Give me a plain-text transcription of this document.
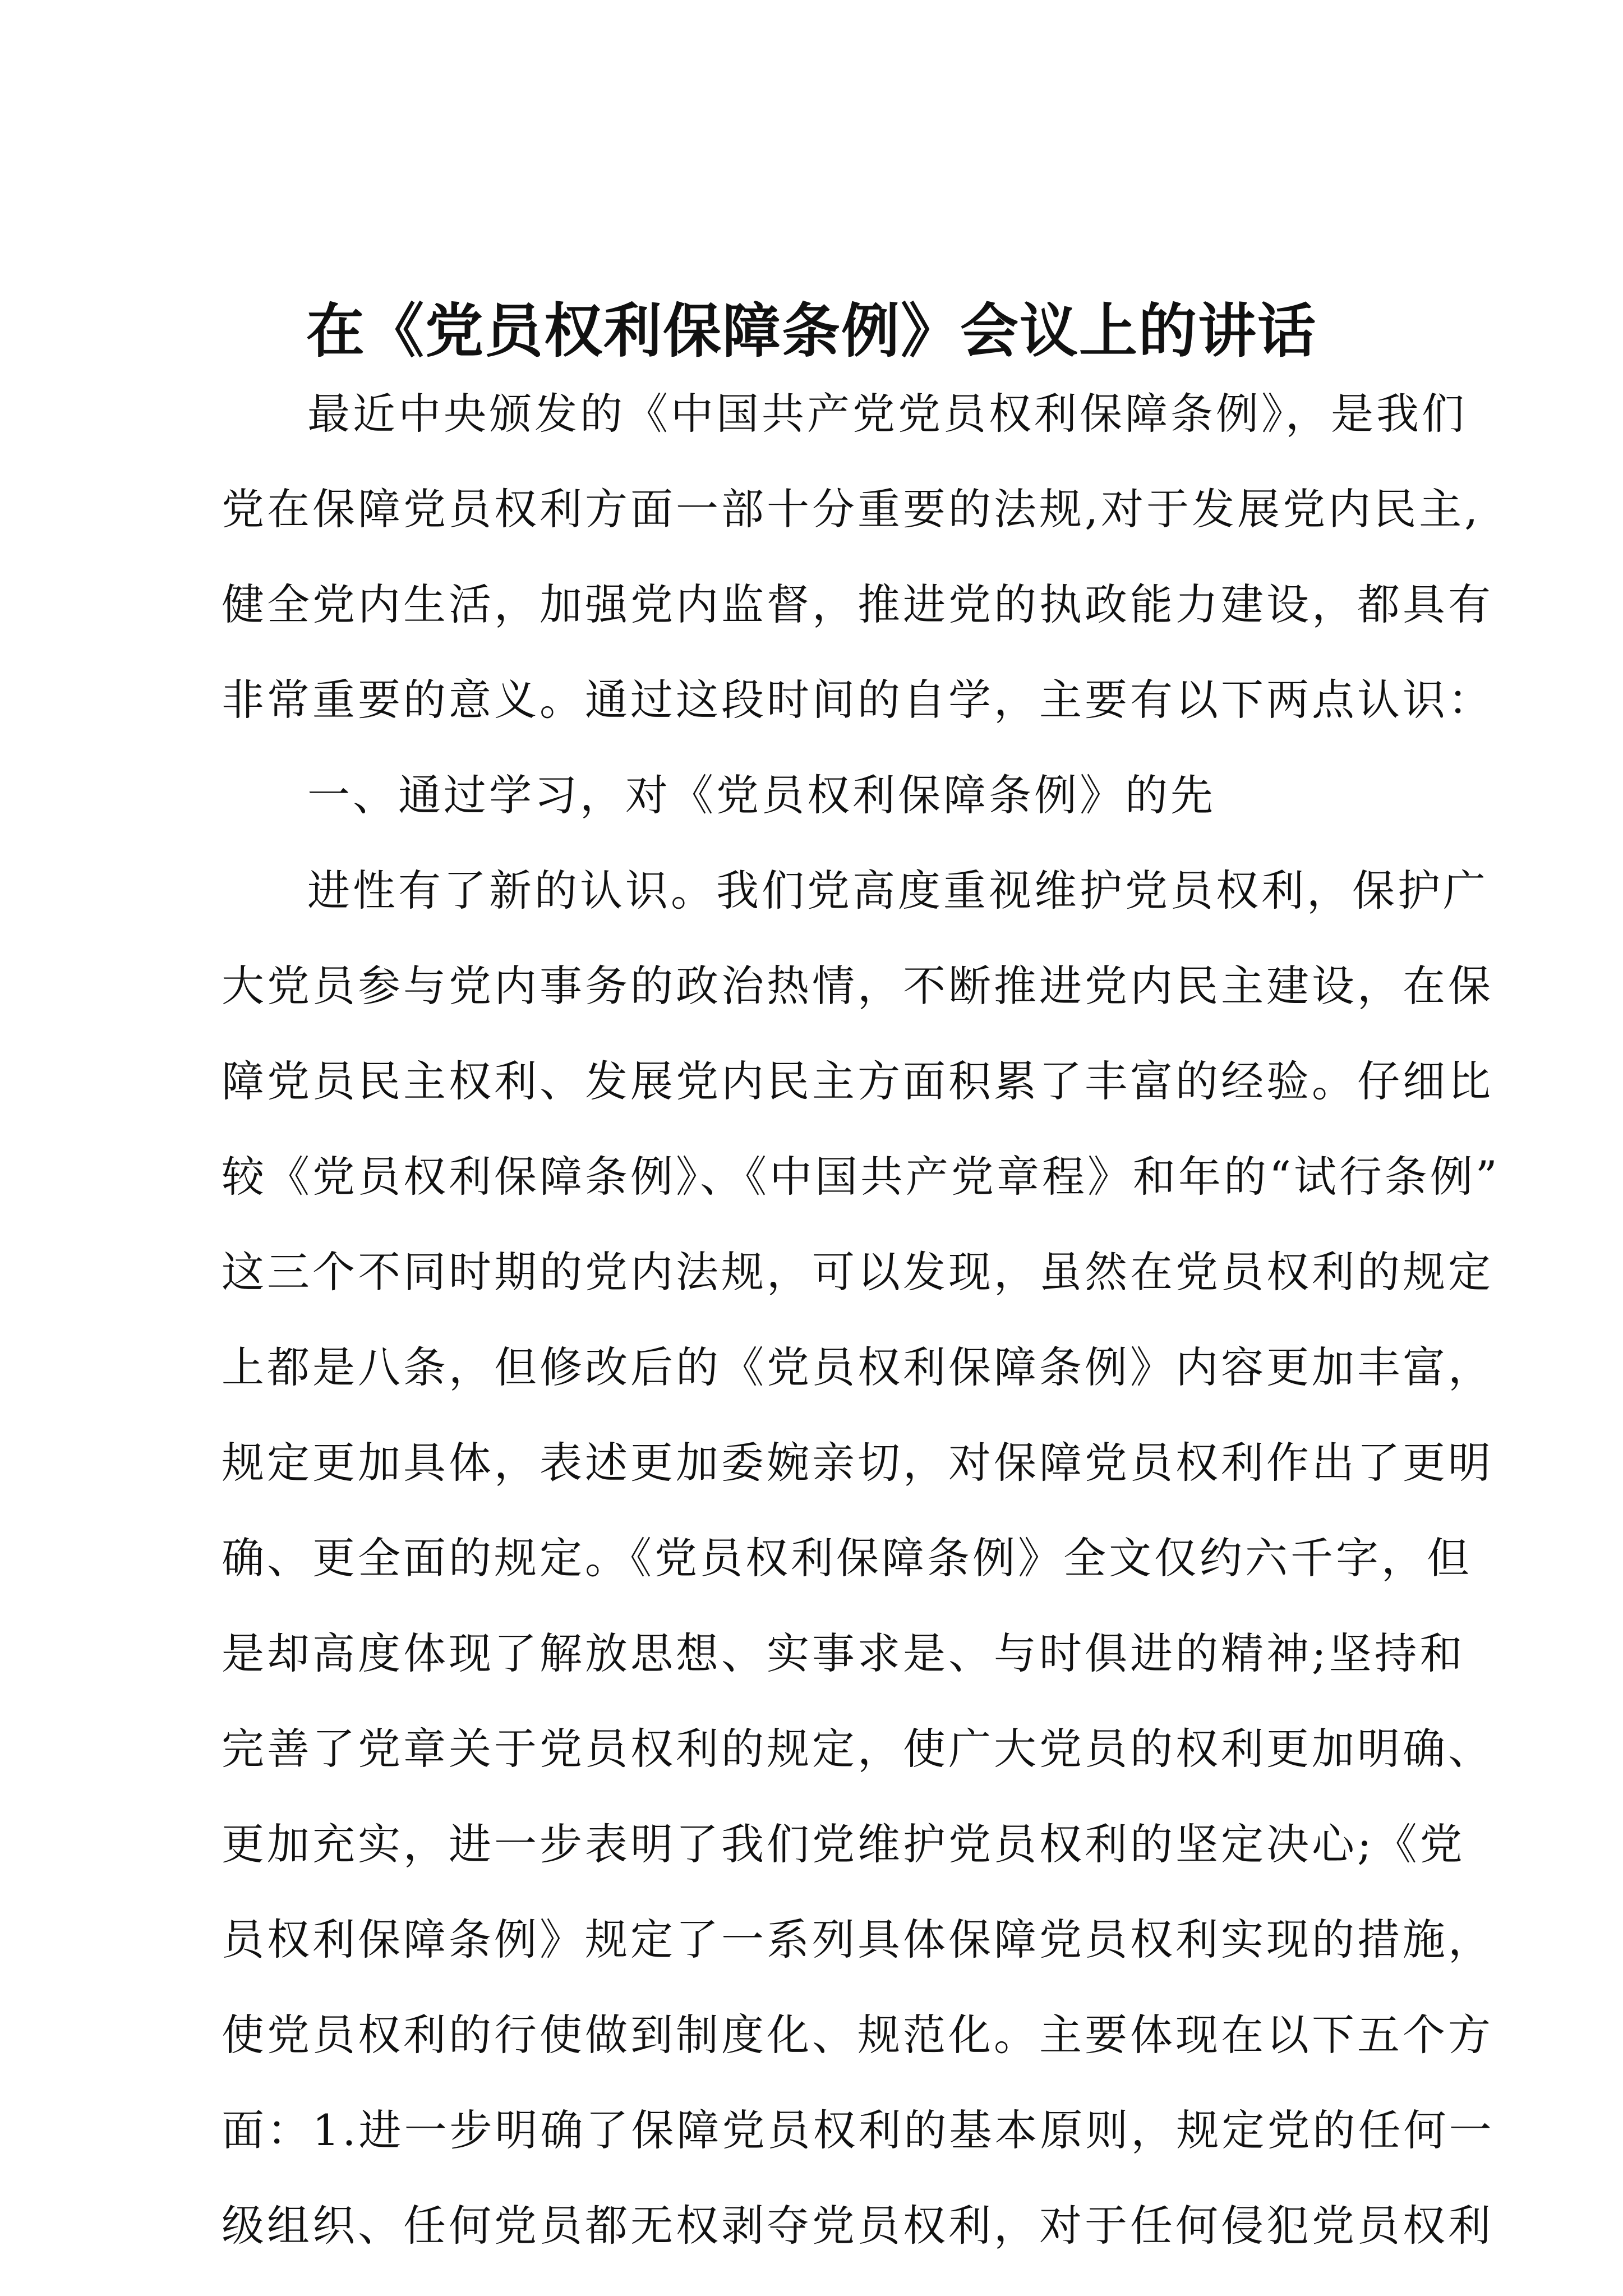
在《党员权利保障条例》会议上的讲话
最近中央颁发的《中国共产党党员权利保障条例》，是我们
党在保障党员权利方面一部十分重要的法规,对于发展党内民主,
健全党内生活，加强党内监督，推进党的执政能力建设，都具有
非常重要的意义。通过这段时间的自学，主要有以下两点认识：
一、通过学习，对《党员权利保障条例》的先
进性有了新的认识。我们党高度重视维护党员权利，保护广
大党员参与党内事务的政治热情，不断推进党内民主建设，在保
障党员民主权利、发展党内民主方面积累了丰富的经验。仔细比
较《党员权利保障条例》、《中国共产党章程》和年的“试行条例”
这三个不同时期的党内法规，可以发现，虽然在党员权利的规定
上都是八条，但修改后的《党员权利保障条例》内容更加丰富，
规定更加具体，表述更加委婉亲切，对保障党员权利作出了更明
确、更全面的规定。《党员权利保障条例》全文仅约六千字，但
是却高度体现了解放思想、实事求是、与时俱进的精神;坚持和
完善了党章关于党员权利的规定，使广大党员的权利更加明确、
更加充实，进一步表明了我们党维护党员权利的坚定决心;《党
员权利保障条例》规定了一系列具体保障党员权利实现的措施，
使党员权利的行使做到制度化、规范化。主要体现在以下五个方
面：1.进一步明确了保障党员权利的基本原则，规定党的任何一
级组织、任何党员都无权剥夺党员权利，对于任何侵犯党员权利
